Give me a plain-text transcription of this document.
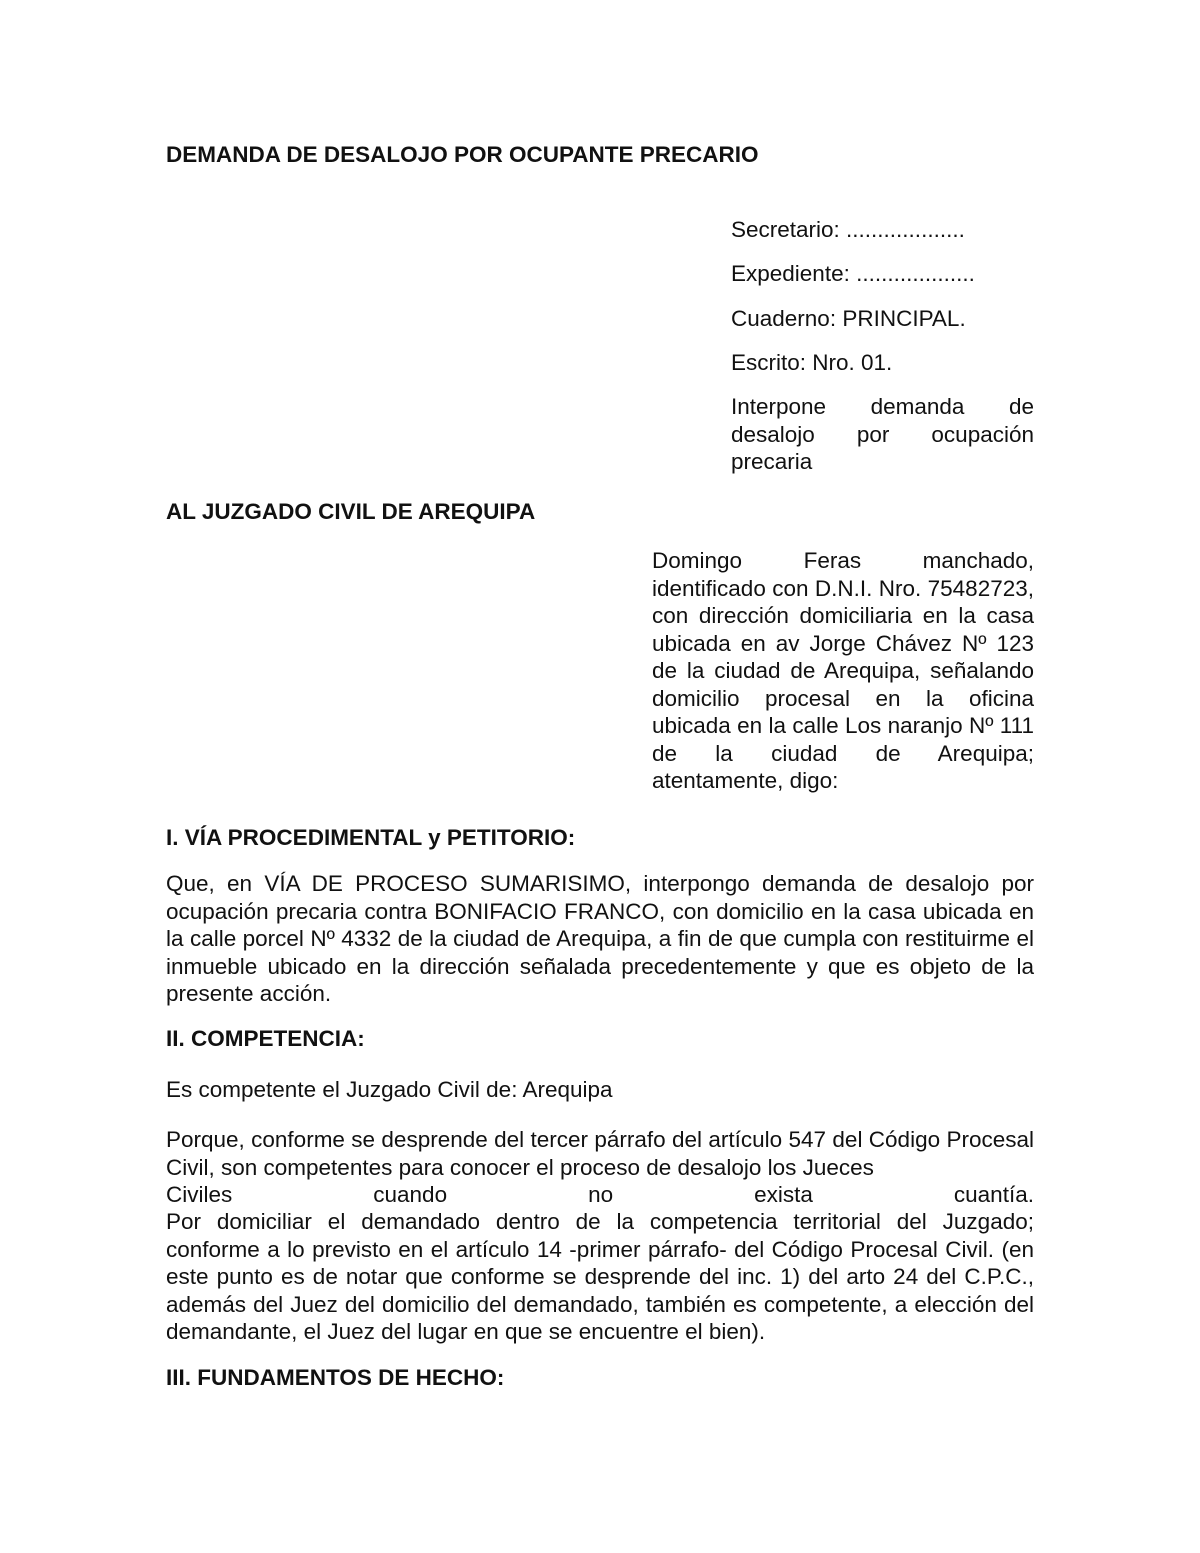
DEMANDA DE DESALOJO POR OCUPANTE PRECARIO

Secretario: ...................

Expediente: ...................

Cuaderno: PRINCIPAL.

Escrito: Nro. 01.

Interpone demanda de desalojo por ocupación precaria

AL JUZGADO CIVIL DE AREQUIPA

Domingo Feras manchado, identificado con D.N.I. Nro. 75482723, con dirección domiciliaria en la casa ubicada en av Jorge Chávez Nº 123 de la ciudad de Arequipa, señalando domicilio procesal en la oficina ubicada en la calle Los naranjo Nº 111 de la ciudad de Arequipa; atentamente, digo:

I. VÍA PROCEDIMENTAL y PETITORIO:

Que, en VÍA DE PROCESO SUMARISIMO, interpongo demanda de desalojo por ocupación precaria contra BONIFACIO FRANCO, con domicilio en la casa ubicada en la calle porcel Nº 4332 de la ciudad de Arequipa, a fin de que cumpla con restituirme el inmueble ubicado en la dirección señalada precedentemente y que es objeto de la presente acción.

II. COMPETENCIA:

Es competente el Juzgado Civil de: Arequipa

Porque, conforme se desprende del tercer párrafo del artículo 547 del Código Procesal Civil, son competentes para conocer el proceso de desalojo los Jueces

Civiles	cuando	no	exista	cuantía.

Por domiciliar el demandado dentro de la competencia territorial del Juzgado; conforme a lo previsto en el artículo 14 -primer párrafo- del Código Procesal Civil. (en este punto es de notar que conforme se desprende del inc. 1) del arto 24 del C.P.C., además del Juez del domicilio del demandado, también es competente, a elección del demandante, el Juez del lugar en que se encuentre el bien).

III. FUNDAMENTOS DE HECHO:
